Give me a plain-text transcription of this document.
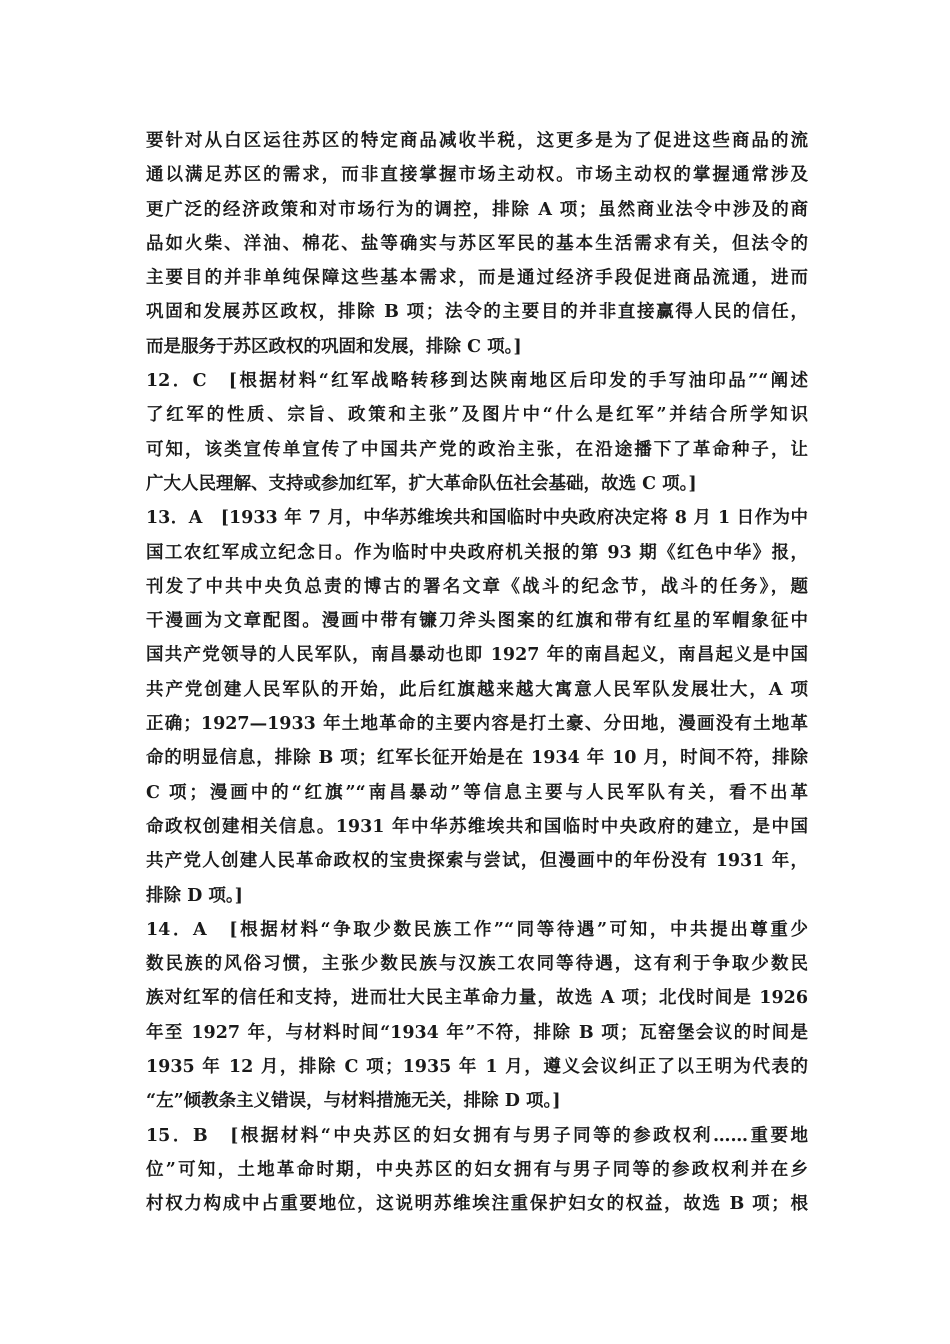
要针对从白区运往苏区的特定商品减收半税，这更多是为了促进这些商品的流
通以满足苏区的需求，而非直接掌握市场主动权。市场主动权的掌握通常涉及
更广泛的经济政策和对市场行为的调控，排除 A 项；虽然商业法令中涉及的商
品如火柴、洋油、棉花、盐等确实与苏区军民的基本生活需求有关，但法令的
主要目的并非单纯保障这些基本需求，而是通过经济手段促进商品流通，进而
巩固和发展苏区政权，排除 B 项；法令的主要目的并非直接赢得人民的信任，
而是服务于苏区政权的巩固和发展，排除 C 项。]
12．C　[根据材料“红军战略转移到达陕南地区后印发的手写油印品”“阐述
了红军的性质、宗旨、政策和主张”及图片中“什么是红军”并结合所学知识
可知，该类宣传单宣传了中国共产党的政治主张，在沿途播下了革命种子，让
广大人民理解、支持或参加红军，扩大革命队伍社会基础，故选 C 项。]
13．A　[1933 年 7 月，中华苏维埃共和国临时中央政府决定将 8 月 1 日作为中
国工农红军成立纪念日。作为临时中央政府机关报的第 93 期《红色中华》报，
刊发了中共中央负总责的博古的署名文章《战斗的纪念节，战斗的任务》，题
干漫画为文章配图。漫画中带有镰刀斧头图案的红旗和带有红星的军帽象征中
国共产党领导的人民军队，南昌暴动也即 1927 年的南昌起义，南昌起义是中国
共产党创建人民军队的开始，此后红旗越来越大寓意人民军队发展壮大，A 项
正确；1927—1933 年土地革命的主要内容是打土豪、分田地，漫画没有土地革
命的明显信息，排除 B 项；红军长征开始是在 1934 年 10 月，时间不符，排除
C 项；漫画中的“红旗”“南昌暴动”等信息主要与人民军队有关，看不出革
命政权创建相关信息。1931 年中华苏维埃共和国临时中央政府的建立，是中国
共产党人创建人民革命政权的宝贵探索与尝试，但漫画中的年份没有 1931 年，
排除 D 项。]
14．A　[根据材料“争取少数民族工作”“同等待遇”可知，中共提出尊重少
数民族的风俗习惯，主张少数民族与汉族工农同等待遇，这有利于争取少数民
族对红军的信任和支持，进而壮大民主革命力量，故选 A 项；北伐时间是 1926
年至 1927 年，与材料时间“1934 年”不符，排除 B 项；瓦窑堡会议的时间是
1935 年 12 月，排除 C 项；1935 年 1 月，遵义会议纠正了以王明为代表的
“左”倾教条主义错误，与材料措施无关，排除 D 项。]
15．B　[根据材料“中央苏区的妇女拥有与男子同等的参政权利……重要地
位”可知，土地革命时期，中央苏区的妇女拥有与男子同等的参政权利并在乡
村权力构成中占重要地位，这说明苏维埃注重保护妇女的权益，故选 B 项；根
